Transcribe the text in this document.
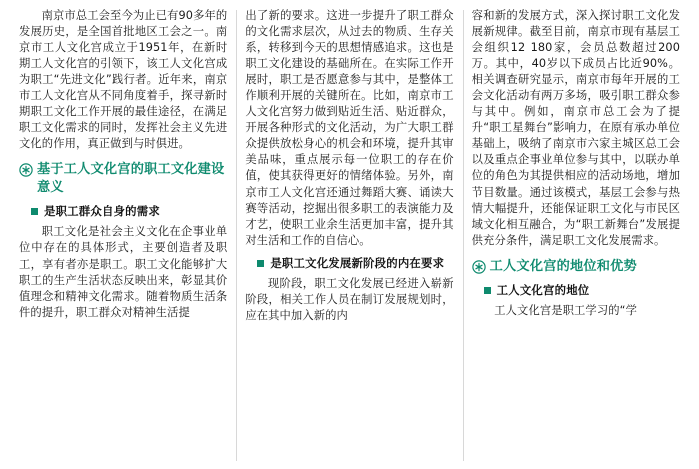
南京市总工会至今为止已有90多年的发展历史，是全国首批地区工会之一。南京市工人文化宫成立于1951年，在新时期工人文化宫的引领下，该工人文化宫成为职工“先进文化”践行者。近年来，南京市工人文化宫从不同角度着手，探寻新时期职工文化工作开展的最佳途径，在满足职工文化需求的同时，发挥社会主义先进文化的作用，真正做到与时俱进。

基于工人文化宫的职工文化建设意义
是职工群众自身的需求

职工文化是社会主义文化在企事业单位中存在的具体形式，主要创造者及职工，享有者亦是职工。职工文化能够扩大职工的生产生活状态反映出来，彰显其价值理念和精神文化需求。随着物质生活条件的提升，职工群众对精神生活提

出了新的要求。这进一步提升了职工群众的文化需求层次，从过去的物质、生存关系，转移到今天的思想情感追求。这也是职工文化建设的基础所在。在实际工作开展时，职工是否愿意参与其中，是整体工作顺利开展的关键所在。比如，南京市工人文化宫努力做到贴近生活、贴近群众，开展各种形式的文化活动，为广大职工群众提供放松身心的机会和环境，提升其审美品味，重点展示每一位职工的存在价值，使其获得更好的情绪体验。另外，南京市工人文化宫还通过舞蹈大赛、诵读大赛等活动，挖掘出很多职工的表演能力及才艺，使职工业余生活更加丰富，提升其对生活和工作的自信心。

是职工文化发展新阶段的内在要求

现阶段，职工文化发展已经进入崭新阶段，相关工作人员在制订发展规划时，应在其中加入新的内

容和新的发展方式，深入探讨职工文化发展新规律。截至目前，南京市现有基层工会组织12 180家，会员总数超过200万。其中，40岁以下成员占比近90%。相关调查研究显示，南京市每年开展的工会文化活动有两万多场，吸引职工群众参与其中。例如，南京市总工会为了提升“职工星舞台”影响力，在原有承办单位基础上，吸纳了南京市六家主城区总工会以及重点企事业单位参与其中，以联办单位的角色为其提供相应的活动场地，增加节目数量。通过该模式，基层工会参与热情大幅提升，还能保证职工文化与市民区域文化相互融合，为“职工新舞台”发展提供充分条件，满足职工文化发展需求。

工人文化宫的地位和优势
工人文化宫的地位

工人文化宫是职工学习的“学
